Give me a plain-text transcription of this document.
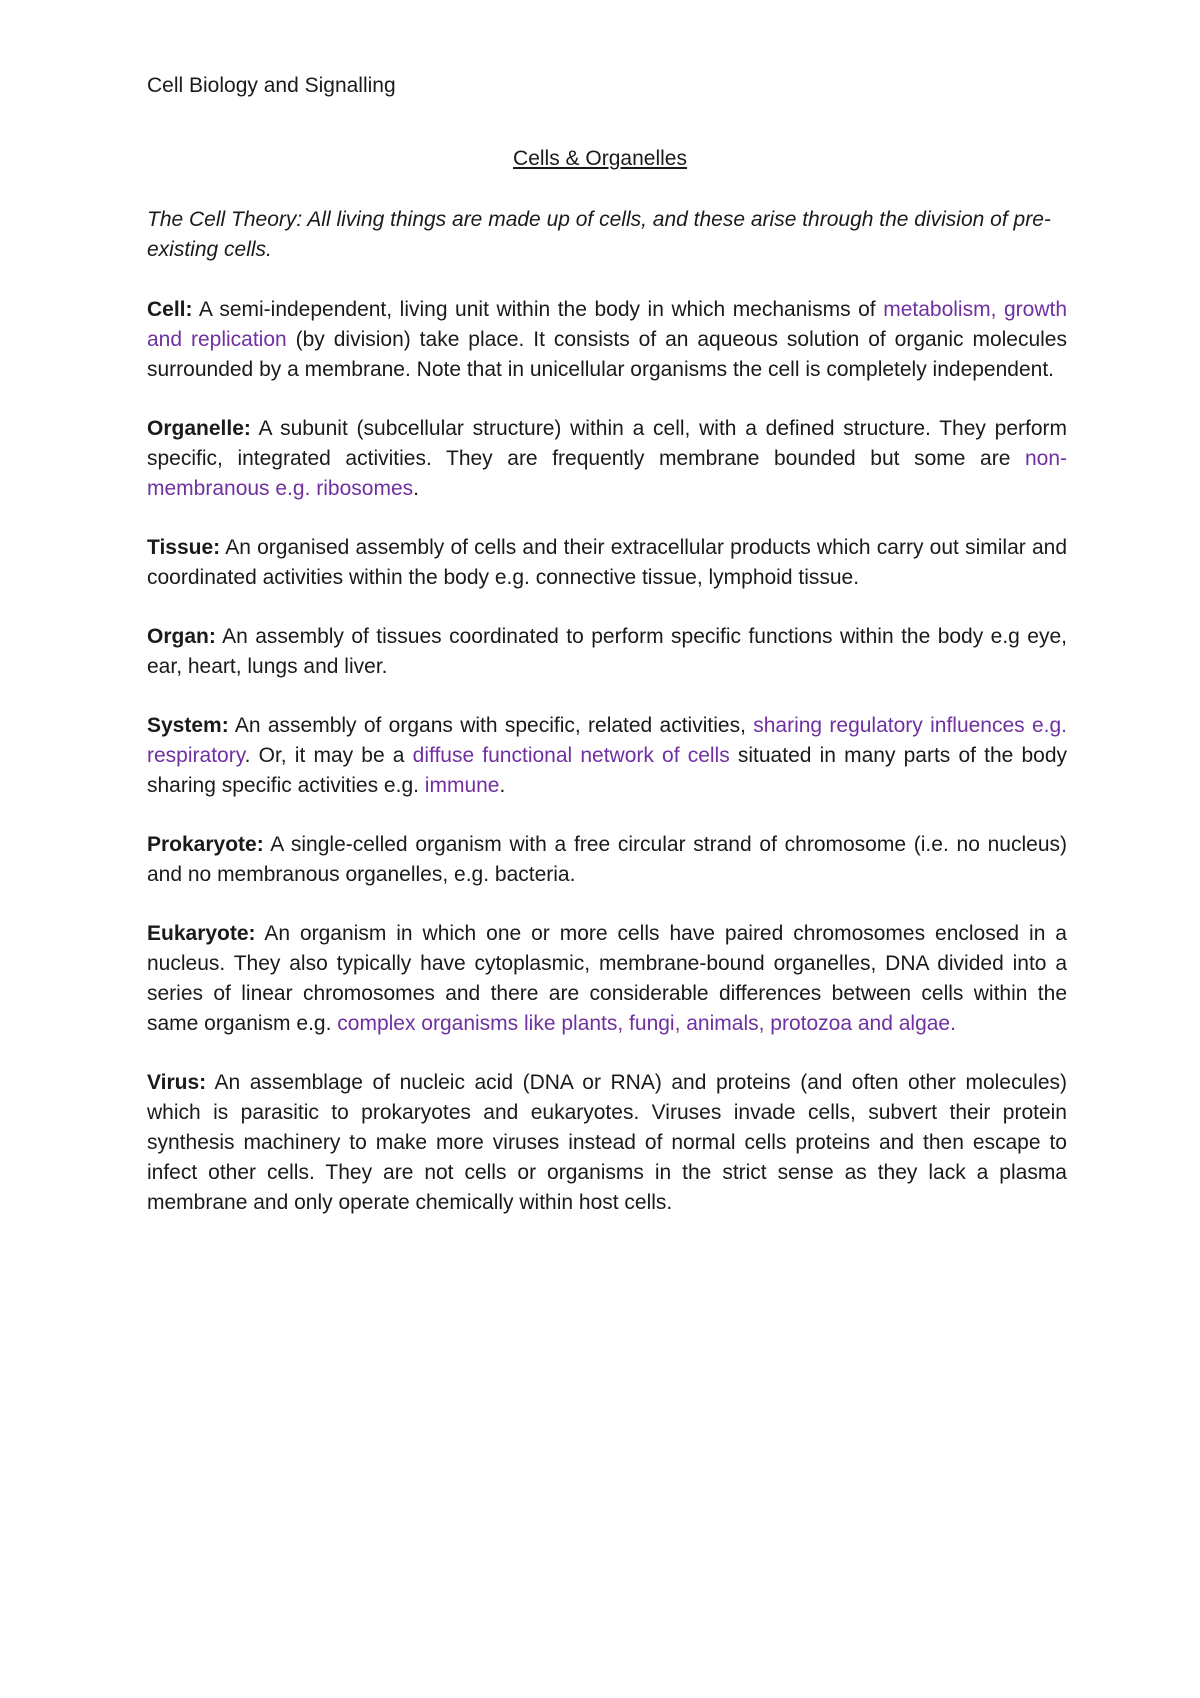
Cell Biology and Signalling
Cells & Organelles
The Cell Theory: All living things are made up of cells, and these arise through the division of pre-existing cells.

Cell: A semi-independent, living unit within the body in which mechanisms of metabolism, growth and replication (by division) take place. It consists of an aqueous solution of organic molecules surrounded by a membrane. Note that in unicellular organisms the cell is completely independent.

Organelle: A subunit (subcellular structure) within a cell, with a defined structure. They perform specific, integrated activities. They are frequently membrane bounded but some are non-membranous e.g. ribosomes.

Tissue: An organised assembly of cells and their extracellular products which carry out similar and coordinated activities within the body e.g. connective tissue, lymphoid tissue.

Organ: An assembly of tissues coordinated to perform specific functions within the body e.g eye, ear, heart, lungs and liver.

System: An assembly of organs with specific, related activities, sharing regulatory influences e.g. respiratory. Or, it may be a diffuse functional network of cells situated in many parts of the body sharing specific activities e.g. immune.

Prokaryote: A single-celled organism with a free circular strand of chromosome (i.e. no nucleus) and no membranous organelles, e.g. bacteria.

Eukaryote: An organism in which one or more cells have paired chromosomes enclosed in a nucleus. They also typically have cytoplasmic, membrane-bound organelles, DNA divided into a series of linear chromosomes and there are considerable differences between cells within the same organism e.g. complex organisms like plants, fungi, animals, protozoa and algae.

Virus: An assemblage of nucleic acid (DNA or RNA) and proteins (and often other molecules) which is parasitic to prokaryotes and eukaryotes. Viruses invade cells, subvert their protein synthesis machinery to make more viruses instead of normal cells proteins and then escape to infect other cells. They are not cells or organisms in the strict sense as they lack a plasma membrane and only operate chemically within host cells.
